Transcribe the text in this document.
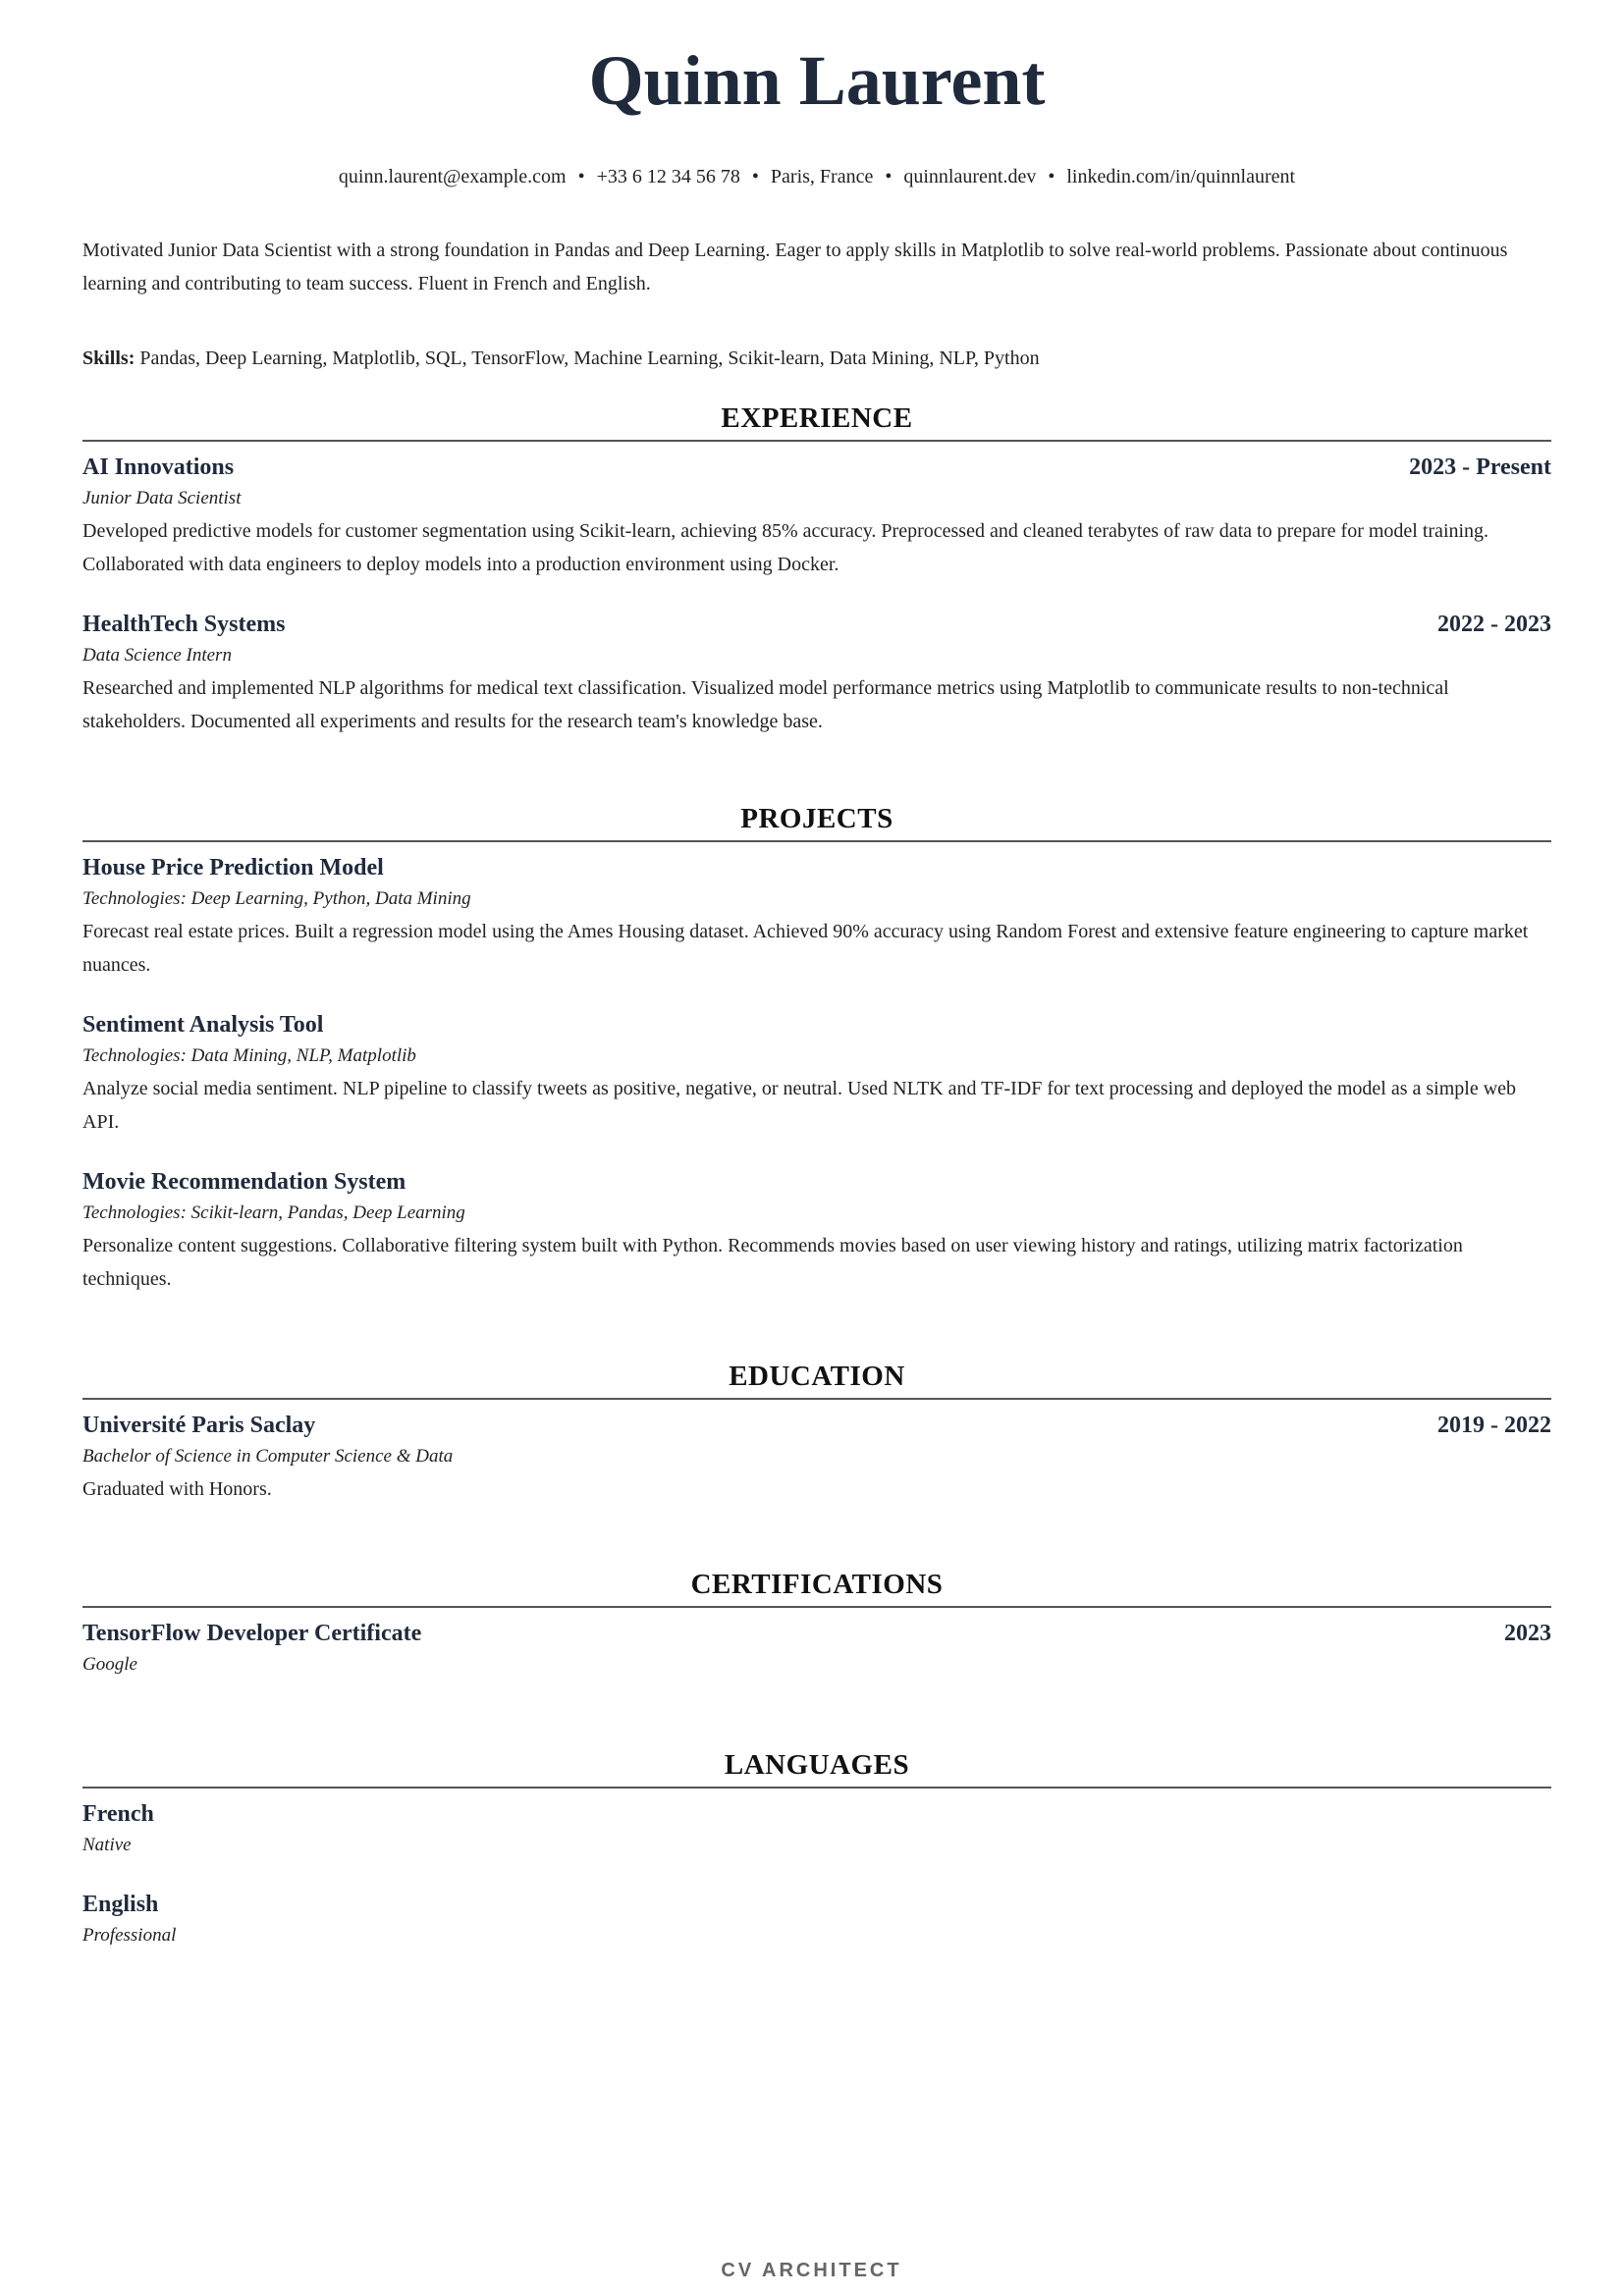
Quinn Laurent
quinn.laurent@example.com • +33 6 12 34 56 78 • Paris, France • quinnlaurent.dev • linkedin.com/in/quinnlaurent

Motivated Junior Data Scientist with a strong foundation in Pandas and Deep Learning. Eager to apply skills in Matplotlib to solve real-world problems. Passionate about continuous learning and contributing to team success. Fluent in French and English.

Skills: Pandas, Deep Learning, Matplotlib, SQL, TensorFlow, Machine Learning, Scikit-learn, Data Mining, NLP, Python
EXPERIENCE
AI Innovations	2023 - Present
Junior Data Scientist
Developed predictive models for customer segmentation using Scikit-learn, achieving 85% accuracy. Preprocessed and cleaned terabytes of raw data to prepare for model training. Collaborated with data engineers to deploy models into a production environment using Docker.
HealthTech Systems	2022 - 2023
Data Science Intern
Researched and implemented NLP algorithms for medical text classification. Visualized model performance metrics using Matplotlib to communicate results to non-technical stakeholders. Documented all experiments and results for the research team's knowledge base.
PROJECTS
House Price Prediction Model
Technologies: Deep Learning, Python, Data Mining
Forecast real estate prices. Built a regression model using the Ames Housing dataset. Achieved 90% accuracy using Random Forest and extensive feature engineering to capture market nuances.
Sentiment Analysis Tool
Technologies: Data Mining, NLP, Matplotlib
Analyze social media sentiment. NLP pipeline to classify tweets as positive, negative, or neutral. Used NLTK and TF-IDF for text processing and deployed the model as a simple web API.
Movie Recommendation System
Technologies: Scikit-learn, Pandas, Deep Learning
Personalize content suggestions. Collaborative filtering system built with Python. Recommends movies based on user viewing history and ratings, utilizing matrix factorization techniques.
EDUCATION
Université Paris Saclay	2019 - 2022
Bachelor of Science in Computer Science & Data
Graduated with Honors.
CERTIFICATIONS
TensorFlow Developer Certificate	2023
Google
LANGUAGES
French
Native
English
Professional
CV ARCHITECT
